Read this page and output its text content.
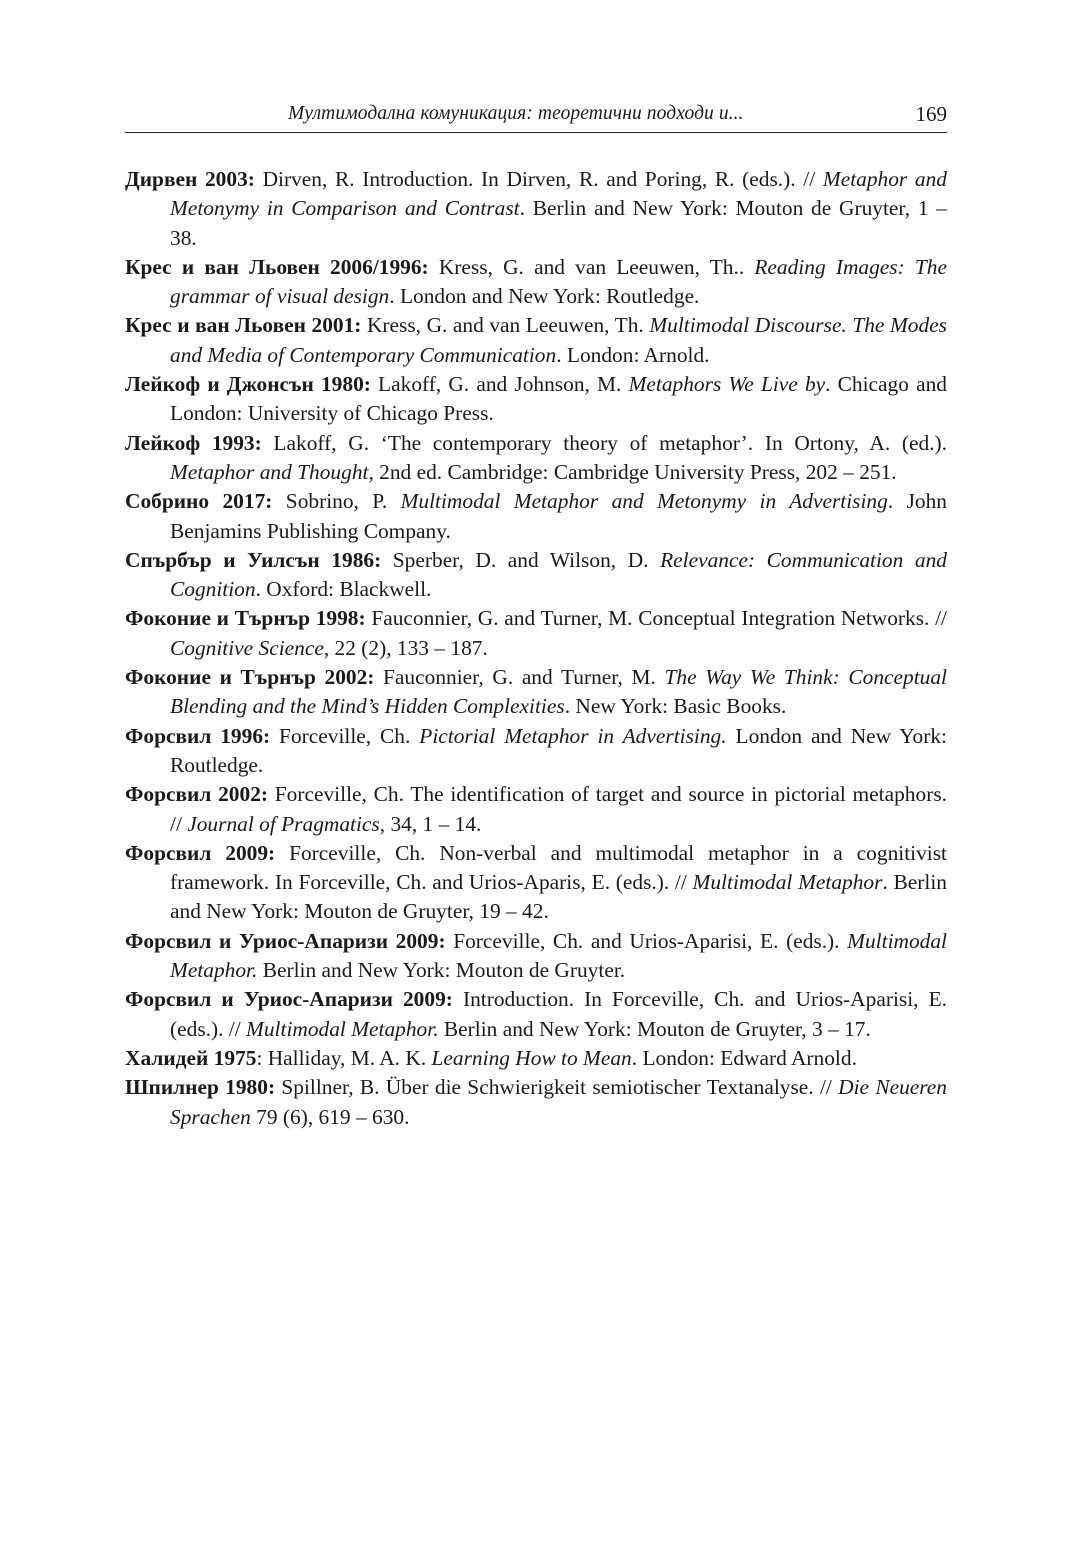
Мултимодална комуникация: теоретични подходи и...	169

Дирвен 2003: Dirven, R. Introduction. In Dirven, R. and Poring, R. (eds.). // Metaphor and Metonymy in Comparison and Contrast. Berlin and New York: Mouton de Gruyter, 1 – 38.

Крес и ван Льовен 2006/1996: Kress, G. and van Leeuwen, Th.. Reading Images: The grammar of visual design. London and New York: Routledge.

Крес и ван Льовен 2001: Kress, G. and van Leeuwen, Th. Multimodal Discourse. The Modes and Media of Contemporary Communication. London: Arnold.

Лейкоф и Джонсън 1980: Lakoff, G. and Johnson, M. Metaphors We Live by. Chicago and London: University of Chicago Press.

Лейкоф 1993: Lakoff, G. ‘The contemporary theory of metaphor’. In Ortony, A. (ed.). Metaphor and Thought, 2nd ed. Cambridge: Cambridge University Press, 202 – 251.

Собрино 2017: Sobrino, P. Multimodal Metaphor and Metonymy in Advertising. John Benjamins Publishing Company.

Спърбър и Уилсън 1986: Sperber, D. and Wilson, D. Relevance: Communication and Cognition. Oxford: Blackwell.

Фоконие и Търнър 1998: Fauconnier, G. and Turner, M. Conceptual Integration Networks. // Cognitive Science, 22 (2), 133 – 187.

Фоконие и Търнър 2002: Fauconnier, G. and Turner, M. The Way We Think: Conceptual Blending and the Mind’s Hidden Complexities. New York: Basic Books.

Форсвил 1996: Forceville, Ch. Pictorial Metaphor in Advertising. London and New York: Routledge.

Форсвил 2002: Forceville, Ch. The identification of target and source in pictorial metaphors. // Journal of Pragmatics, 34, 1 – 14.

Форсвил 2009: Forceville, Ch. Non-verbal and multimodal metaphor in a cognitivist framework. In Forceville, Ch. and Urios-Aparis, E. (eds.). // Multimodal Metaphor. Berlin and New York: Mouton de Gruyter, 19 – 42.

Форсвил и Уриос-Апаризи 2009: Forceville, Ch. and Urios-Aparisi, E. (eds.). Multimodal Metaphor. Berlin and New York: Mouton de Gruyter.

Форсвил и Уриос-Апаризи 2009: Introduction. In Forceville, Ch. and Urios-Aparisi, E. (eds.). // Multimodal Metaphor. Berlin and New York: Mouton de Gruyter, 3 – 17.

Халидей 1975: Halliday, M. A. K. Learning How to Mean. London: Edward Arnold.

Шпилнер 1980: Spillner, B. Über die Schwierigkeit semiotischer Textanalyse. // Die Neueren Sprachen 79 (6), 619 – 630.
